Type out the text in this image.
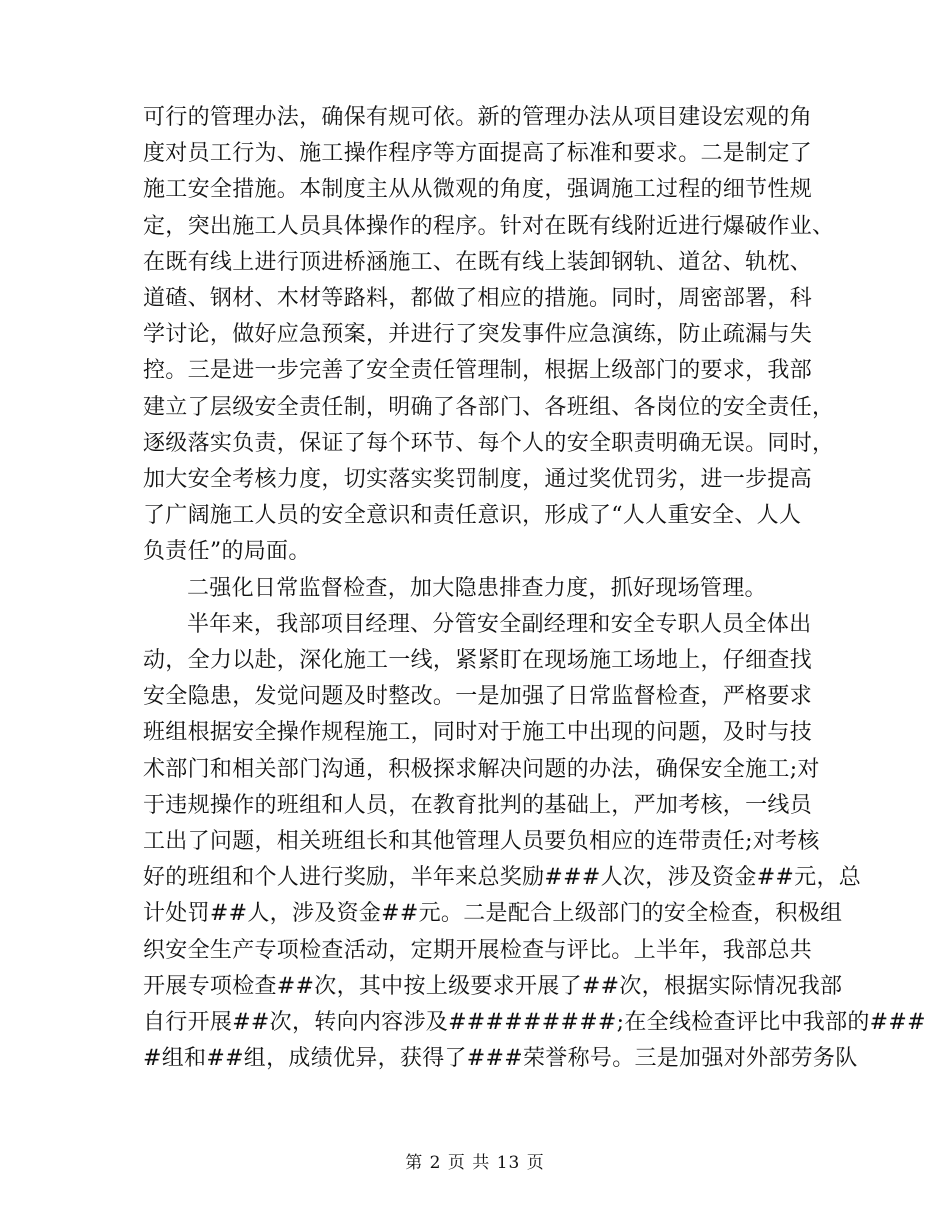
可行的管理办法，确保有规可依。新的管理办法从项目建设宏观的角
度对员工行为、施工操作程序等方面提高了标准和要求。二是制定了
施工安全措施。本制度主从从微观的角度，强调施工过程的细节性规
定，突出施工人员具体操作的程序。针对在既有线附近进行爆破作业、
在既有线上进行顶进桥涵施工、在既有线上装卸钢轨、道岔、轨枕、
道碴、钢材、木材等路料，都做了相应的措施。同时，周密部署，科
学讨论，做好应急预案，并进行了突发事件应急演练，防止疏漏与失
控。三是进一步完善了安全责任管理制，根据上级部门的要求，我部
建立了层级安全责任制，明确了各部门、各班组、各岗位的安全责任，
逐级落实负责，保证了每个环节、每个人的安全职责明确无误。同时，
加大安全考核力度，切实落实奖罚制度，通过奖优罚劣，进一步提高
了广阔施工人员的安全意识和责任意识，形成了“人人重安全、人人
负责任”的局面。

二强化日常监督检查，加大隐患排查力度，抓好现场管理。

半年来，我部项目经理、分管安全副经理和安全专职人员全体出
动，全力以赴，深化施工一线，紧紧盯在现场施工场地上，仔细查找
安全隐患，发觉问题及时整改。一是加强了日常监督检查，严格要求
班组根据安全操作规程施工，同时对于施工中出现的问题，及时与技
术部门和相关部门沟通，积极探求解决问题的办法，确保安全施工;对
于违规操作的班组和人员，在教育批判的基础上，严加考核，一线员
工出了问题，相关班组长和其他管理人员要负相应的连带责任;对考核
好的班组和个人进行奖励，半年来总奖励###人次，涉及资金##元，总
计处罚##人，涉及资金##元。二是配合上级部门的安全检查，积极组
织安全生产专项检查活动，定期开展检查与评比。上半年，我部总共
开展专项检查##次，其中按上级要求开展了##次，根据实际情况我部
自行开展##次，转向内容涉及#########;在全线检查评比中我部的###
#组和##组，成绩优异，获得了###荣誉称号。三是加强对外部劳务队

第 2 页 共 13 页
